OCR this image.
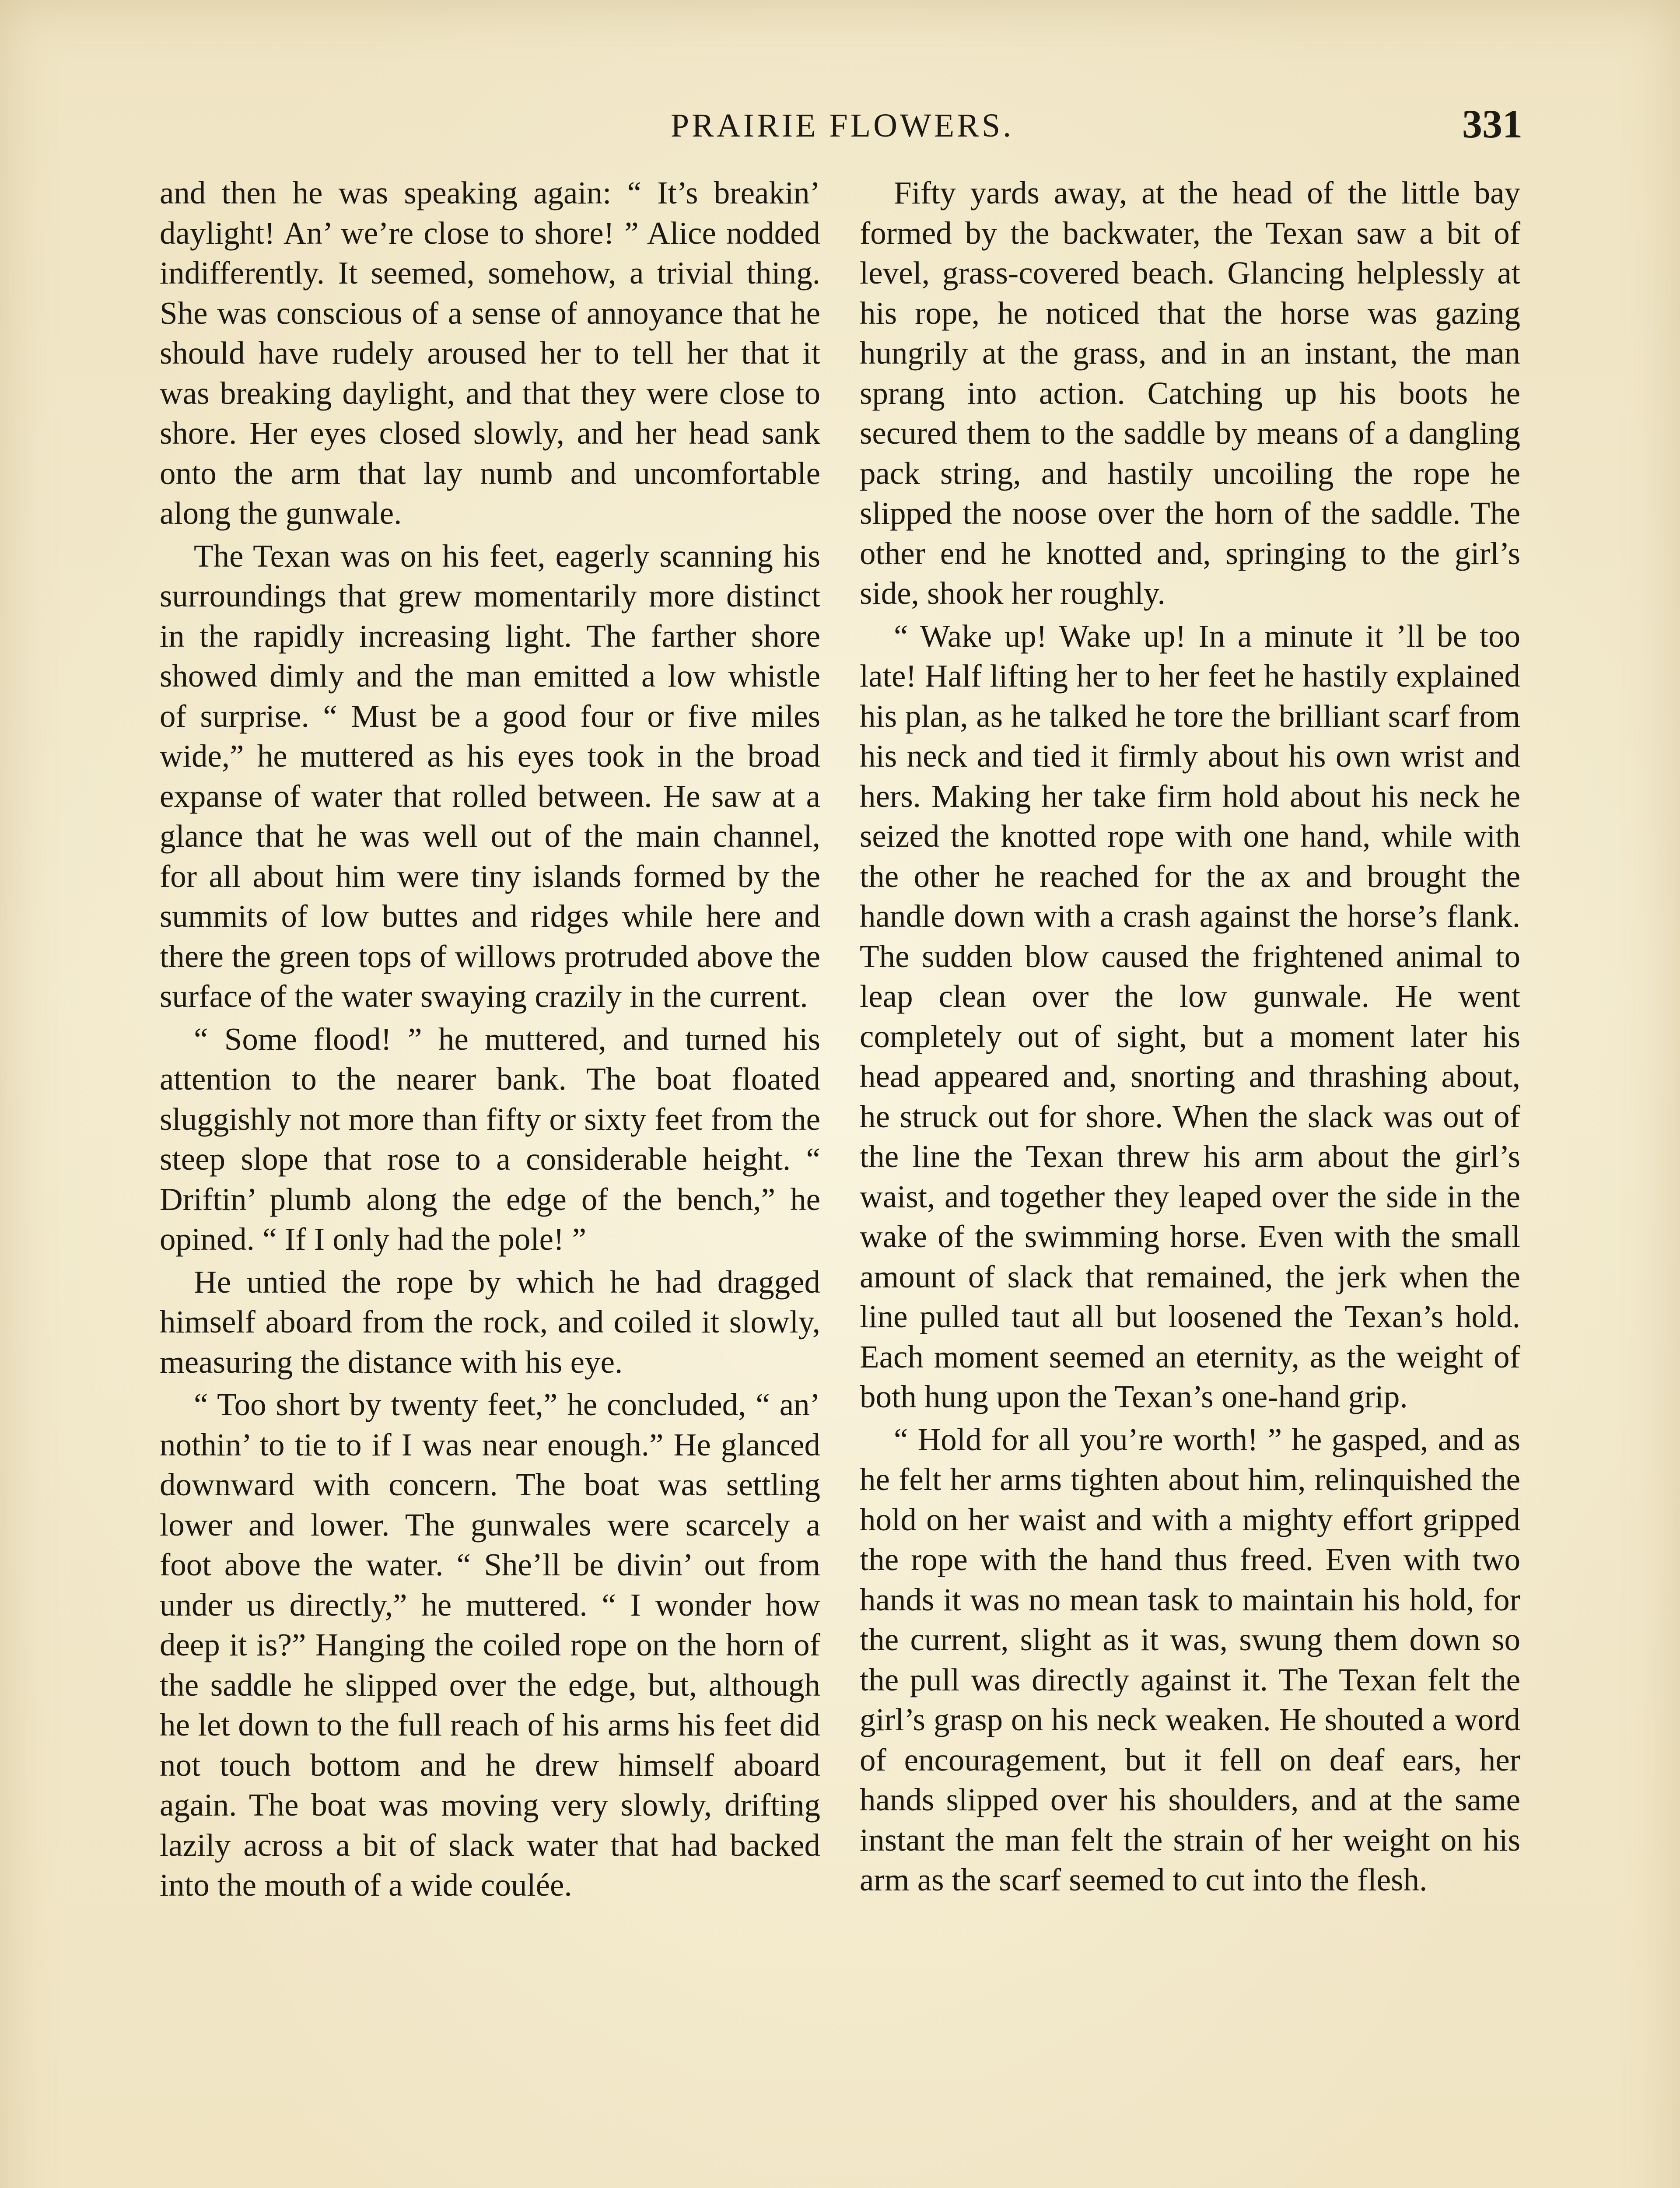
PRAIRIE FLOWERS.	331

and then he was speaking again: “ It’s breakin’ daylight! An’ we’re close to shore! ” Alice nodded indifferently. It seemed, somehow, a trivial thing. She was conscious of a sense of annoyance that he should have rudely aroused her to tell her that it was breaking daylight, and that they were close to shore. Her eyes closed slowly, and her head sank onto the arm that lay numb and uncomfortable along the gunwale.

The Texan was on his feet, eagerly scanning his surroundings that grew momentarily more distinct in the rapidly increasing light. The farther shore showed dimly and the man emitted a low whistle of surprise. “ Must be a good four or five miles wide,” he muttered as his eyes took in the broad expanse of water that rolled between. He saw at a glance that he was well out of the main channel, for all about him were tiny islands formed by the summits of low buttes and ridges while here and there the green tops of willows protruded above the surface of the water swaying crazily in the current.

“ Some flood! ” he muttered, and turned his attention to the nearer bank. The boat floated sluggishly not more than fifty or sixty feet from the steep slope that rose to a considerable height. “ Driftin’ plumb along the edge of the bench,” he opined. “ If I only had the pole! ”

He untied the rope by which he had dragged himself aboard from the rock, and coiled it slowly, measuring the distance with his eye.

“ Too short by twenty feet,” he concluded, “ an’ nothin’ to tie to if I was near enough.” He glanced downward with concern. The boat was settling lower and lower. The gunwales were scarcely a foot above the water. “ She’ll be divin’ out from under us directly,” he muttered. “ I wonder how deep it is?” Hanging the coiled rope on the horn of the saddle he slipped over the edge, but, although he let down to the full reach of his arms his feet did not touch bottom and he drew himself aboard again. The boat was moving very slowly, drifting lazily across a bit of slack water that had backed into the mouth of a wide coulée.

Fifty yards away, at the head of the little bay formed by the backwater, the Texan saw a bit of level, grass-covered beach. Glancing helplessly at his rope, he noticed that the horse was gazing hungrily at the grass, and in an instant, the man sprang into action. Catching up his boots he secured them to the saddle by means of a dangling pack string, and hastily uncoiling the rope he slipped the noose over the horn of the saddle. The other end he knotted and, springing to the girl’s side, shook her roughly.

“ Wake up! Wake up! In a minute it ’ll be too late! Half lifting her to her feet he hastily explained his plan, as he talked he tore the brilliant scarf from his neck and tied it firmly about his own wrist and hers. Making her take firm hold about his neck he seized the knotted rope with one hand, while with the other he reached for the ax and brought the handle down with a crash against the horse’s flank. The sudden blow caused the frightened animal to leap clean over the low gunwale. He went completely out of sight, but a moment later his head appeared and, snorting and thrashing about, he struck out for shore. When the slack was out of the line the Texan threw his arm about the girl’s waist, and together they leaped over the side in the wake of the swimming horse. Even with the small amount of slack that remained, the jerk when the line pulled taut all but loosened the Texan’s hold. Each moment seemed an eternity, as the weight of both hung upon the Texan’s one-hand grip.

“ Hold for all you’re worth! ” he gasped, and as he felt her arms tighten about him, relinquished the hold on her waist and with a mighty effort gripped the rope with the hand thus freed. Even with two hands it was no mean task to maintain his hold, for the current, slight as it was, swung them down so the pull was directly against it. The Texan felt the girl’s grasp on his neck weaken. He shouted a word of encouragement, but it fell on deaf ears, her hands slipped over his shoulders, and at the same instant the man felt the strain of her weight on his arm as the scarf seemed to cut into the flesh.
